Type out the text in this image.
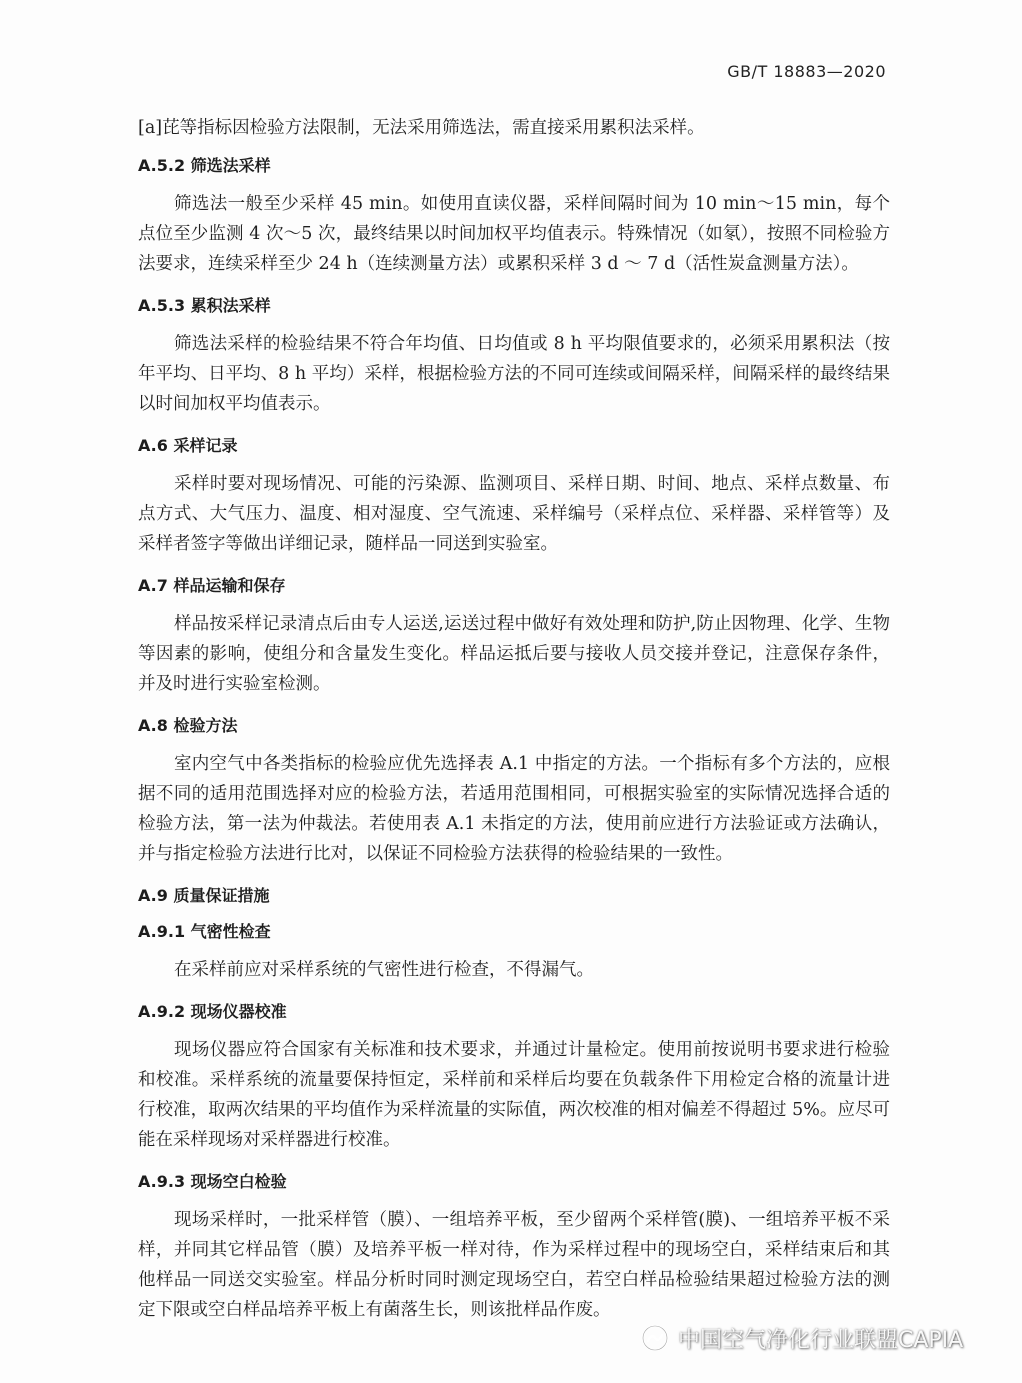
GB/T 18883—2020

[a]芘等指标因检验方法限制，无法采用筛选法，需直接采用累积法采样。

A.5.2 筛选法采样

筛选法一般至少采样 45 min。如使用直读仪器，采样间隔时间为 10 min～15 min，每个点位至少监测 4 次～5 次，最终结果以时间加权平均值表示。特殊情况（如氡），按照不同检验方法要求，连续采样至少 24 h（连续测量方法）或累积采样 3 d ～ 7 d（活性炭盒测量方法）。

A.5.3 累积法采样

筛选法采样的检验结果不符合年均值、日均值或 8 h 平均限值要求的，必须采用累积法（按年平均、日平均、8 h 平均）采样，根据检验方法的不同可连续或间隔采样，间隔采样的最终结果以时间加权平均值表示。

A.6 采样记录

采样时要对现场情况、可能的污染源、监测项目、采样日期、时间、地点、采样点数量、布点方式、大气压力、温度、相对湿度、空气流速、采样编号（采样点位、采样器、采样管等）及采样者签字等做出详细记录，随样品一同送到实验室。

A.7 样品运输和保存

样品按采样记录清点后由专人运送,运送过程中做好有效处理和防护,防止因物理、化学、生物等因素的影响，使组分和含量发生变化。样品运抵后要与接收人员交接并登记，注意保存条件，并及时进行实验室检测。

A.8 检验方法

室内空气中各类指标的检验应优先选择表 A.1 中指定的方法。一个指标有多个方法的，应根据不同的适用范围选择对应的检验方法，若适用范围相同，可根据实验室的实际情况选择合适的检验方法，第一法为仲裁法。若使用表 A.1 未指定的方法，使用前应进行方法验证或方法确认，并与指定检验方法进行比对，以保证不同检验方法获得的检验结果的一致性。

A.9 质量保证措施

A.9.1 气密性检查

在采样前应对采样系统的气密性进行检查，不得漏气。

A.9.2 现场仪器校准

现场仪器应符合国家有关标准和技术要求，并通过计量检定。使用前按说明书要求进行检验和校准。采样系统的流量要保持恒定，采样前和采样后均要在负载条件下用检定合格的流量计进行校准，取两次结果的平均值作为采样流量的实际值，两次校准的相对偏差不得超过 5%。应尽可能在采样现场对采样器进行校准。

A.9.3 现场空白检验

现场采样时，一批采样管（膜）、一组培养平板，至少留两个采样管(膜)、一组培养平板不采样，并同其它样品管（膜）及培养平板一样对待，作为采样过程中的现场空白，采样结束后和其他样品一同送交实验室。样品分析时同时测定现场空白，若空白样品检验结果超过检验方法的测定下限或空白样品培养平板上有菌落生长，则该批样品作废。

中国空气净化行业联盟CAPIA
